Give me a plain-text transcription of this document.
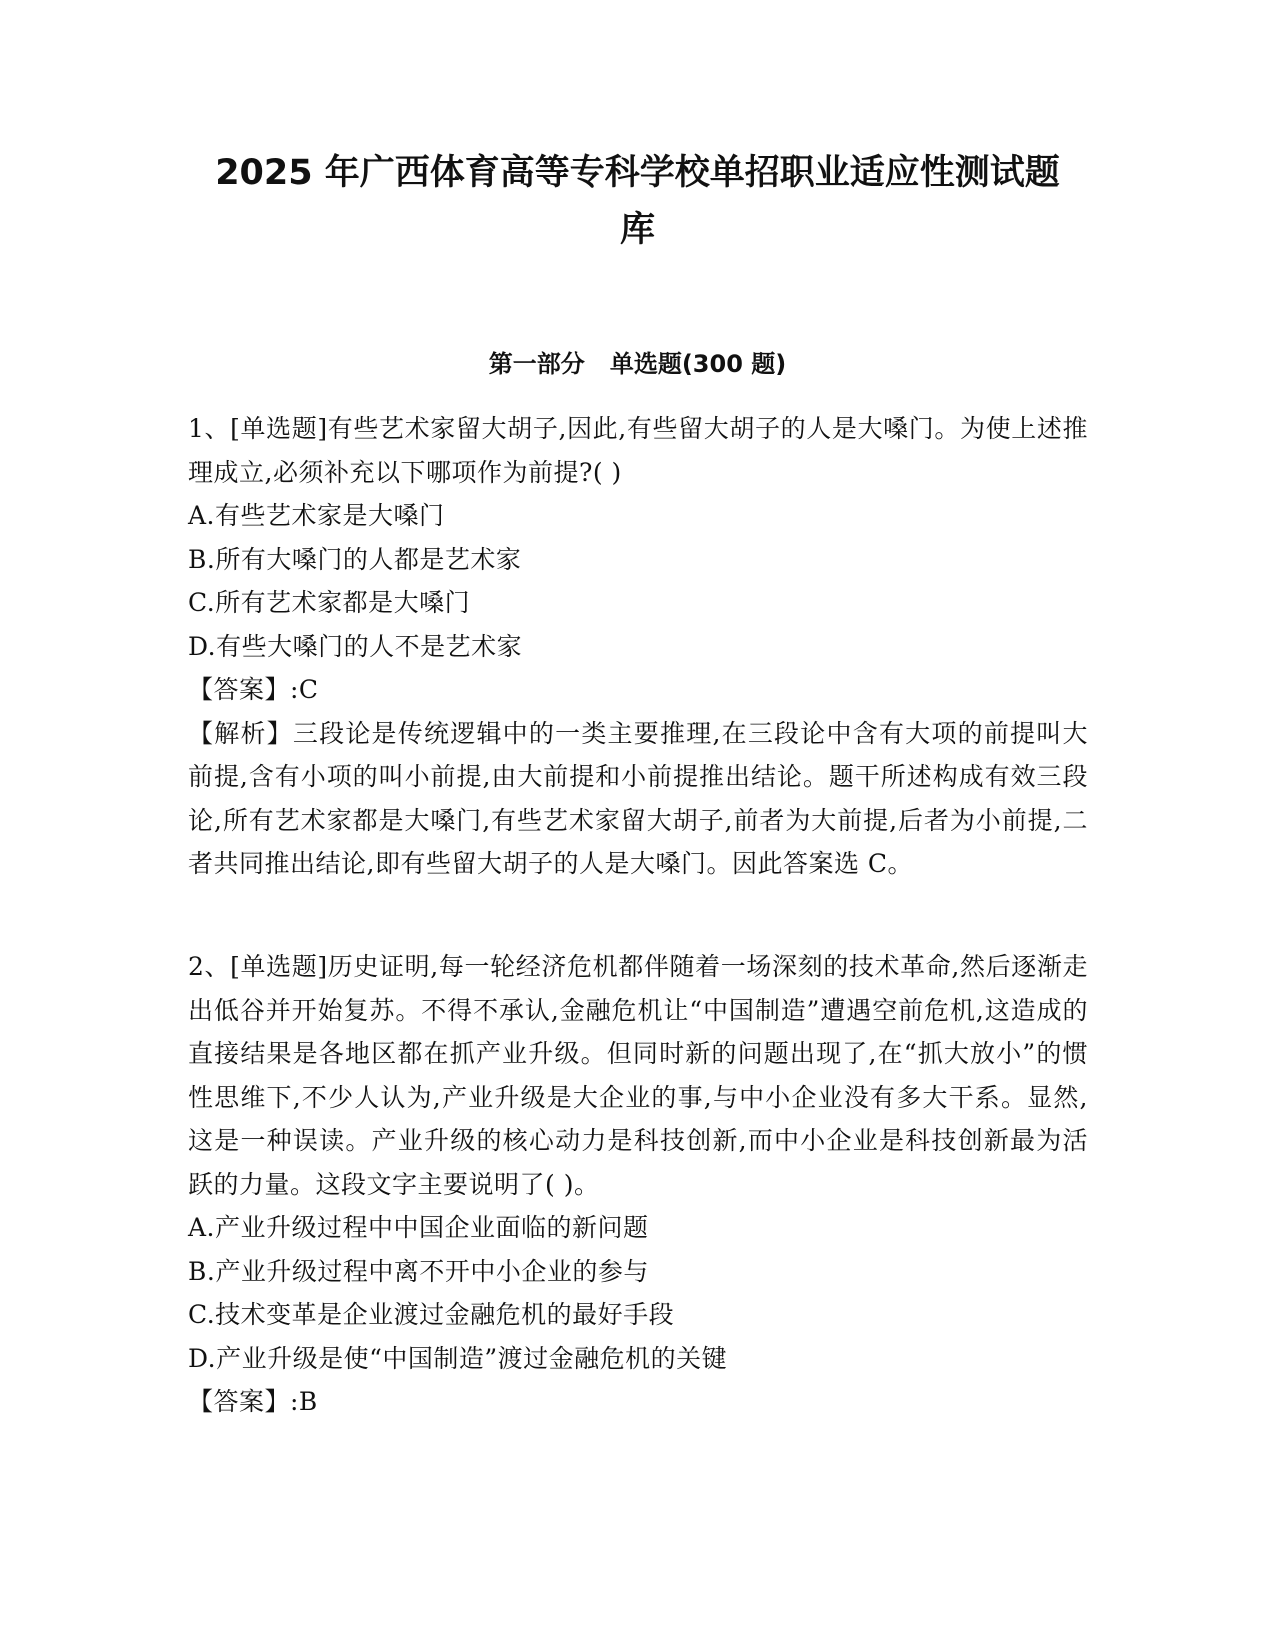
2025 年广西体育高等专科学校单招职业适应性测试题
库
第一部分   单选题(300 题)

1、[单选题]有些艺术家留大胡子,因此,有些留大胡子的人是大嗓门。为使上述推理成立,必须补充以下哪项作为前提?( )

A.有些艺术家是大嗓门

B.所有大嗓门的人都是艺术家

C.所有艺术家都是大嗓门

D.有些大嗓门的人不是艺术家

【答案】:C

【解析】三段论是传统逻辑中的一类主要推理,在三段论中含有大项的前提叫大前提,含有小项的叫小前提,由大前提和小前提推出结论。题干所述构成有效三段论,所有艺术家都是大嗓门,有些艺术家留大胡子,前者为大前提,后者为小前提,二者共同推出结论,即有些留大胡子的人是大嗓门。因此答案选 C。

2、[单选题]历史证明,每一轮经济危机都伴随着一场深刻的技术革命,然后逐渐走出低谷并开始复苏。不得不承认,金融危机让“中国制造”遭遇空前危机,这造成的直接结果是各地区都在抓产业升级。但同时新的问题出现了,在“抓大放小”的惯性思维下,不少人认为,产业升级是大企业的事,与中小企业没有多大干系。显然,这是一种误读。产业升级的核心动力是科技创新,而中小企业是科技创新最为活跃的力量。这段文字主要说明了( )。

A.产业升级过程中中国企业面临的新问题

B.产业升级过程中离不开中小企业的参与

C.技术变革是企业渡过金融危机的最好手段

D.产业升级是使“中国制造”渡过金融危机的关键

【答案】:B
